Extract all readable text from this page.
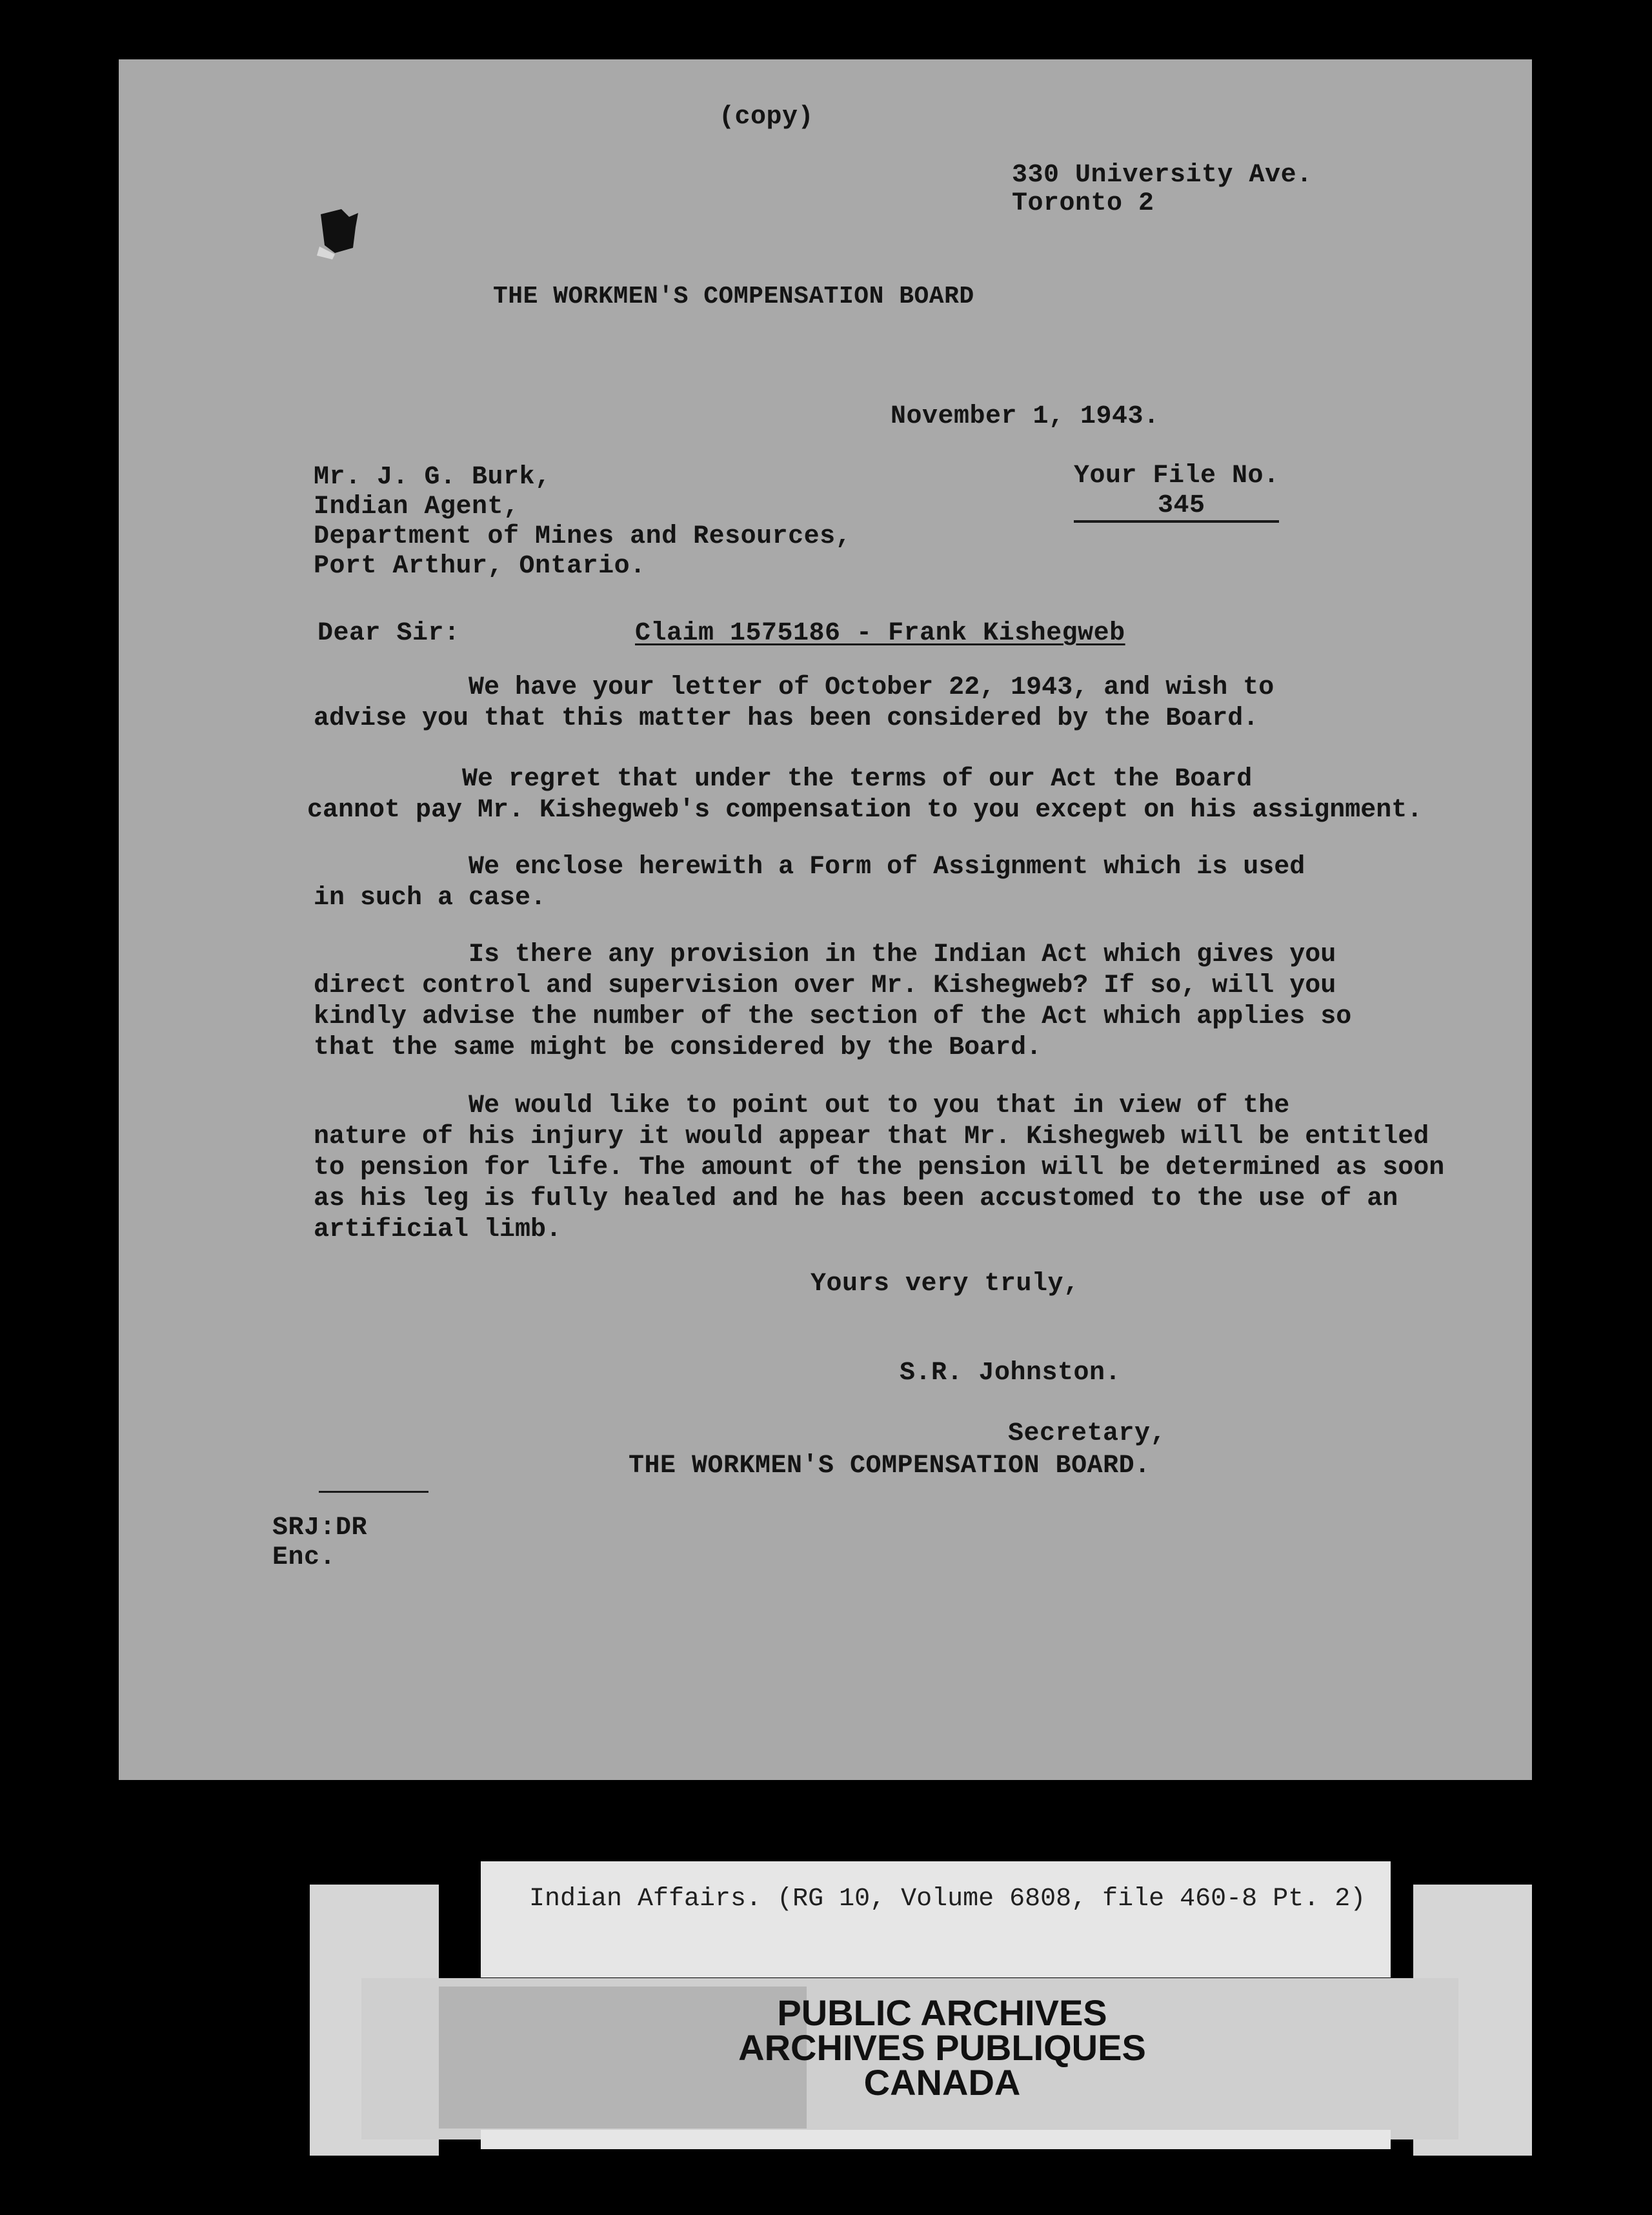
(copy)
330 University Ave.
Toronto 2
THE WORKMEN'S COMPENSATION BOARD
November 1, 1943.
Mr. J. G. Burk,
Indian Agent,
Department of Mines and Resources,
Port Arthur, Ontario.
Your File No.
345
Dear Sir:	Claim 1575186 - Frank Kishegweb
We have your letter of October 22, 1943, and wish to
advise you that this matter has been considered by the Board.
We regret that under the terms of our Act the Board
cannot pay Mr. Kishegweb's compensation to you except on his assignment.
We enclose herewith a Form of Assignment which is used
in such a case.
Is there any provision in the Indian Act which gives you
direct control and supervision over Mr. Kishegweb? If so, will you
kindly advise the number of the section of the Act which applies so
that the same might be considered by the Board.
We would like to point out to you that in view of the
nature of his injury it would appear that Mr. Kishegweb will be entitled
to pension for life. The amount of the pension will be determined as soon
as his leg is fully healed and he has been accustomed to the use of an
artificial limb.
Yours very truly,
S.R. Johnston.
Secretary,
THE WORKMEN'S COMPENSATION BOARD.
SRJ:DR
Enc.
Indian Affairs. (RG 10, Volume 6808, file 460-8 Pt. 2)
PUBLIC ARCHIVES
ARCHIVES PUBLIQUES
CANADA
